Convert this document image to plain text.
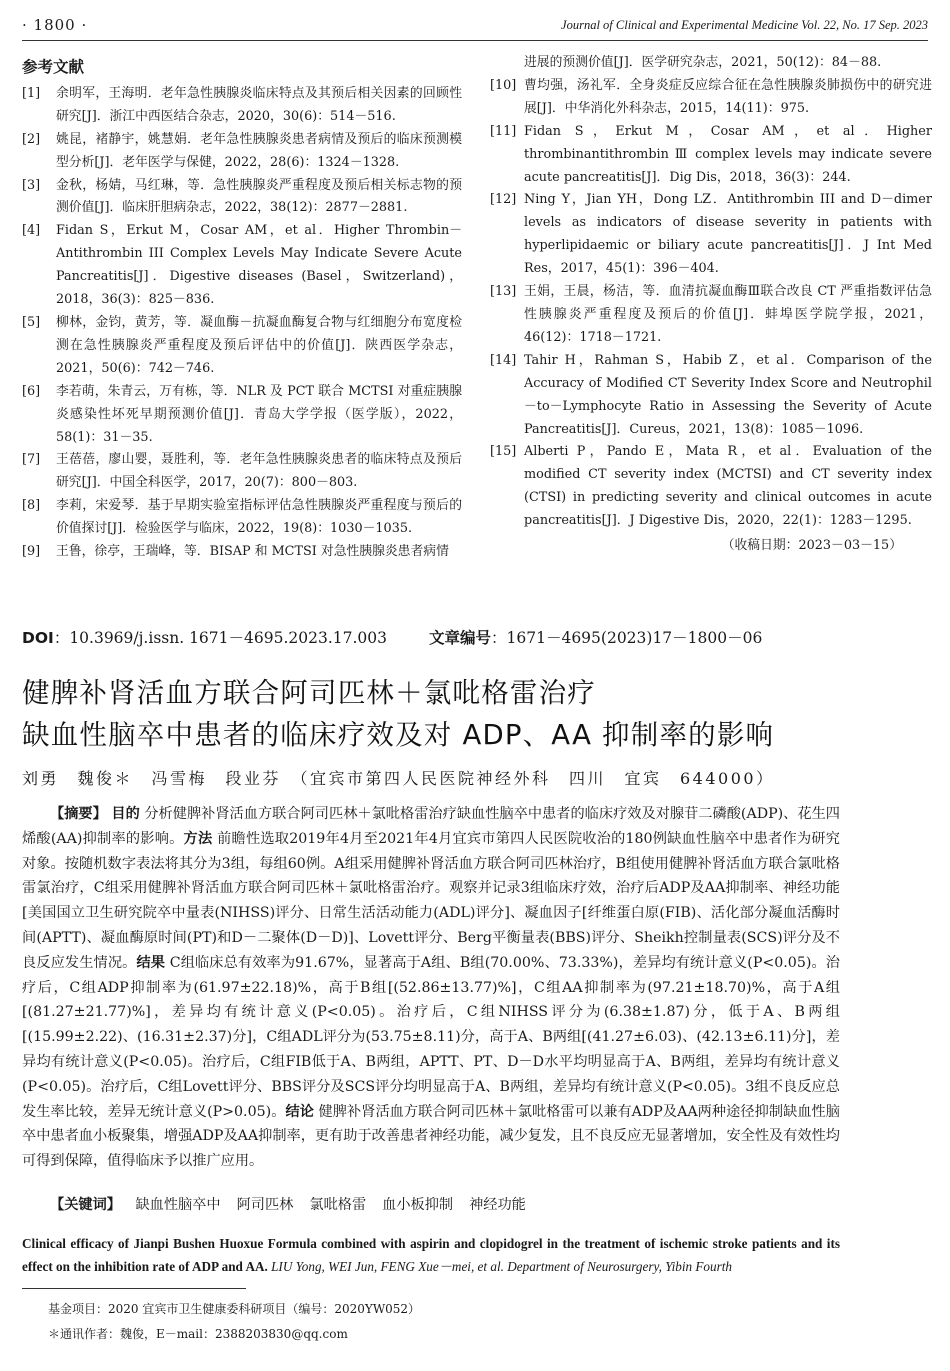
· 1800 ·	Journal of Clinical and Experimental Medicine Vol. 22, No. 17 Sep. 2023
参考文献
[1]	余明军，王海明．老年急性胰腺炎临床特点及其预后相关因素的回顾性研究[J]．浙江中西医结合杂志，2020，30(6)：514－516.
[2]	姚昆，褚静宇，姚慧娟．老年急性胰腺炎患者病情及预后的临床预测模型分析[J]．老年医学与保健，2022，28(6)：1324－1328.
[3]	金秋，杨婧，马红琳，等．急性胰腺炎严重程度及预后相关标志物的预测价值[J]．临床肝胆病杂志，2022，38(12)：2877－2881.
[4]	Fidan S，Erkut M，Cosar AM，et al．Higher Thrombin－Antithrombin III Complex Levels May Indicate Severe Acute Pancreatitis[J]．Digestive diseases (Basel，Switzerland)，2018，36(3)：825－836.
[5]	柳林，金钧，黄芳，等．凝血酶－抗凝血酶复合物与红细胞分布宽度检测在急性胰腺炎严重程度及预后评估中的价值[J]．陕西医学杂志，2021，50(6)：742－746.
[6]	李若萌，朱青云，万有栋，等．NLR 及 PCT 联合 MCTSI 对重症胰腺炎感染性坏死早期预测价值[J]．青岛大学学报（医学版），2022，58(1)：31－35.
[7]	王蓓蓓，廖山婴，聂胜利，等．老年急性胰腺炎患者的临床特点及预后研究[J]．中国全科医学，2017，20(7)：800－803.
[8]	李莉，宋爱琴．基于早期实验室指标评估急性胰腺炎严重程度与预后的价值探讨[J]．检验医学与临床，2022，19(8)：1030－1035.
[9]	王鲁，徐亭，王瑞峰，等．BISAP 和 MCTSI 对急性胰腺炎患者病情
进展的预测价值[J]．医学研究杂志，2021，50(12)：84－88.
[10] 曹均强，汤礼军．全身炎症反应综合征在急性胰腺炎肺损伤中的研究进展[J]．中华消化外科杂志，2015，14(11)：975.
[11] Fidan S，Erkut M，Cosar AM，et al．Higher thrombinantithrombin Ⅲ complex levels may indicate severe acute pancreatitis[J]．Dig Dis，2018，36(3)：244.
[12] Ning Y，Jian YH，Dong LZ．Antithrombin III and D－dimer levels as indicators of disease severity in patients with hyperlipidaemic or biliary acute pancreatitis[J]．J Int Med Res，2017，45(1)：396－404.
[13] 王娟，王晨，杨洁，等．血清抗凝血酶Ⅲ联合改良 CT 严重指数评估急性胰腺炎严重程度及预后的价值[J]．蚌埠医学院学报，2021，46(12)：1718－1721.
[14] Tahir H，Rahman S，Habib Z，et al．Comparison of the Accuracy of Modified CT Severity Index Score and Neutrophil－to－Lymphocyte Ratio in Assessing the Severity of Acute Pancreatitis[J]．Cureus，2021，13(8)：1085－1096.
[15] Alberti P，Pando E，Mata R，et al．Evaluation of the modified CT severity index (MCTSI) and CT severity index (CTSI) in predicting severity and clinical outcomes in acute pancreatitis[J]．J Digestive Dis，2020，22(1)：1283－1295.
（收稿日期：2023－03－15）
DOI：10.3969/j.issn. 1671－4695.2023.17.003	文章编号：1671－4695(2023)17－1800－06
健脾补肾活血方联合阿司匹林＋氯吡格雷治疗
缺血性脑卒中患者的临床疗效及对 ADP、AA 抑制率的影响
刘勇　魏俊＊　冯雪梅　段业芬　（宜宾市第四人民医院神经外科　四川　宜宾　644000）
【摘要】 目的 分析健脾补肾活血方联合阿司匹林＋氯吡格雷治疗缺血性脑卒中患者的临床疗效及对腺苷二磷酸(ADP)、花生四烯酸(AA)抑制率的影响。方法 前瞻性选取2019年4月至2021年4月宜宾市第四人民医院收治的180例缺血性脑卒中患者作为研究对象。按随机数字表法将其分为3组，每组60例。A组采用健脾补肾活血方联合阿司匹林治疗，B组使用健脾补肾活血方联合氯吡格雷氯治疗，C组采用健脾补肾活血方联合阿司匹林＋氯吡格雷治疗。观察并记录3组临床疗效，治疗后ADP及AA抑制率、神经功能[美国国立卫生研究院卒中量表(NIHSS)评分、日常生活活动能力(ADL)评分]、凝血因子[纤维蛋白原(FIB)、活化部分凝血活酶时间(APTT)、凝血酶原时间(PT)和D－二聚体(D－D)]、Lovett评分、Berg平衡量表(BBS)评分、Sheikh控制量表(SCS)评分及不良反应发生情况。结果 C组临床总有效率为91.67%，显著高于A组、B组(70.00%、73.33%)，差异均有统计意义(P<0.05)。治疗后，C组ADP抑制率为(61.97±22.18)%，高于B组[(52.86±13.77)%]，C组AA抑制率为(97.21±18.70)%，高于A组[(81.27±21.77)%]，差异均有统计意义(P<0.05)。治疗后，C组NIHSS评分为(6.38±1.87)分，低于A、B两组[(15.99±2.22)、(16.31±2.37)分]，C组ADL评分为(53.75±8.11)分，高于A、B两组[(41.27±6.03)、(42.13±6.11)分]，差异均有统计意义(P<0.05)。治疗后，C组FIB低于A、B两组，APTT、PT、D－D水平均明显高于A、B两组，差异均有统计意义(P<0.05)。治疗后，C组Lovett评分、BBS评分及SCS评分均明显高于A、B两组，差异均有统计意义(P<0.05)。3组不良反应总发生率比较，差异无统计意义(P>0.05)。结论 健脾补肾活血方联合阿司匹林＋氯吡格雷可以兼有ADP及AA两种途径抑制缺血性脑卒中患者血小板聚集，增强ADP及AA抑制率，更有助于改善患者神经功能，减少复发，且不良反应无显著增加，安全性及有效性均可得到保障，值得临床予以推广应用。
【关键词】 缺血性脑卒中 阿司匹林 氯吡格雷 血小板抑制 神经功能
Clinical efficacy of Jianpi Bushen Huoxue Formula combined with aspirin and clopidogrel in the treatment of ischemic stroke patients and its effect on the inhibition rate of ADP and AA. LIU Yong, WEI Jun, FENG Xue－mei, et al. Department of Neurosurgery, Yibin Fourth
基金项目：2020 宜宾市卫生健康委科研项目（编号：2020YW052）
＊通讯作者：魏俊，E－mail：2388203830@qq.com
